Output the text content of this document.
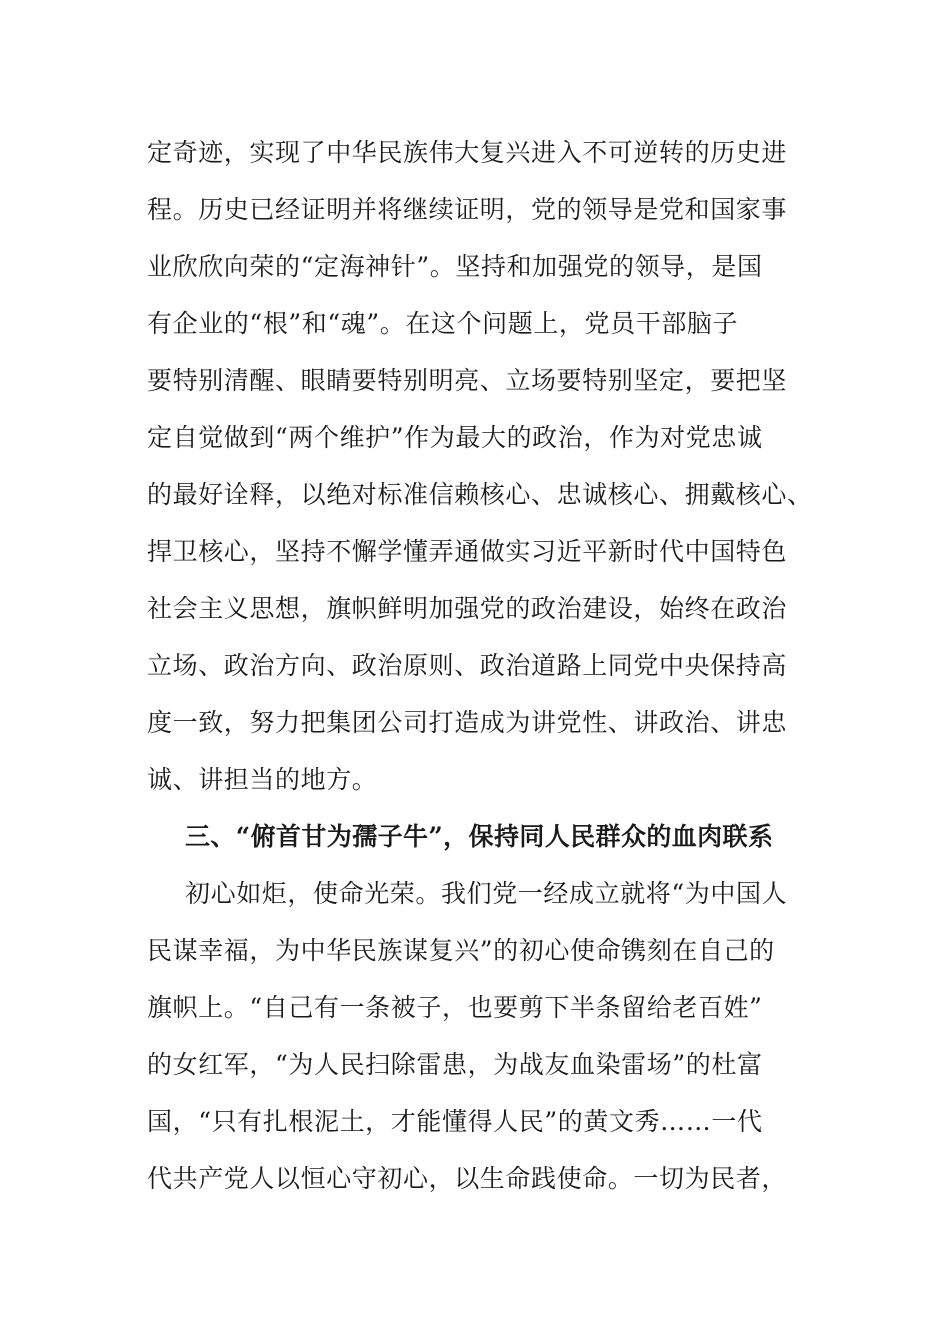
定奇迹，实现了中华民族伟大复兴进入不可逆转的历史进
程。历史已经证明并将继续证明，党的领导是党和国家事
业欣欣向荣的“定海神针”。坚持和加强党的领导，是国
有企业的“根”和“魂”。在这个问题上，党员干部脑子
要特别清醒、眼睛要特别明亮、立场要特别坚定，要把坚
定自觉做到“两个维护”作为最大的政治，作为对党忠诚
的最好诠释，以绝对标准信赖核心、忠诚核心、拥戴核心、
捍卫核心，坚持不懈学懂弄通做实习近平新时代中国特色
社会主义思想，旗帜鲜明加强党的政治建设，始终在政治
立场、政治方向、政治原则、政治道路上同党中央保持高
度一致，努力把集团公司打造成为讲党性、讲政治、讲忠
诚、讲担当的地方。
三、“俯首甘为孺子牛”，保持同人民群众的血肉联系
初心如炬，使命光荣。我们党一经成立就将“为中国人
民谋幸福，为中华民族谋复兴”的初心使命镌刻在自己的
旗帜上。“自己有一条被子，也要剪下半条留给老百姓”
的女红军，“为人民扫除雷患，为战友血染雷场”的杜富
国，“只有扎根泥土，才能懂得人民”的黄文秀……一代
代共产党人以恒心守初心，以生命践使命。一切为民者，
